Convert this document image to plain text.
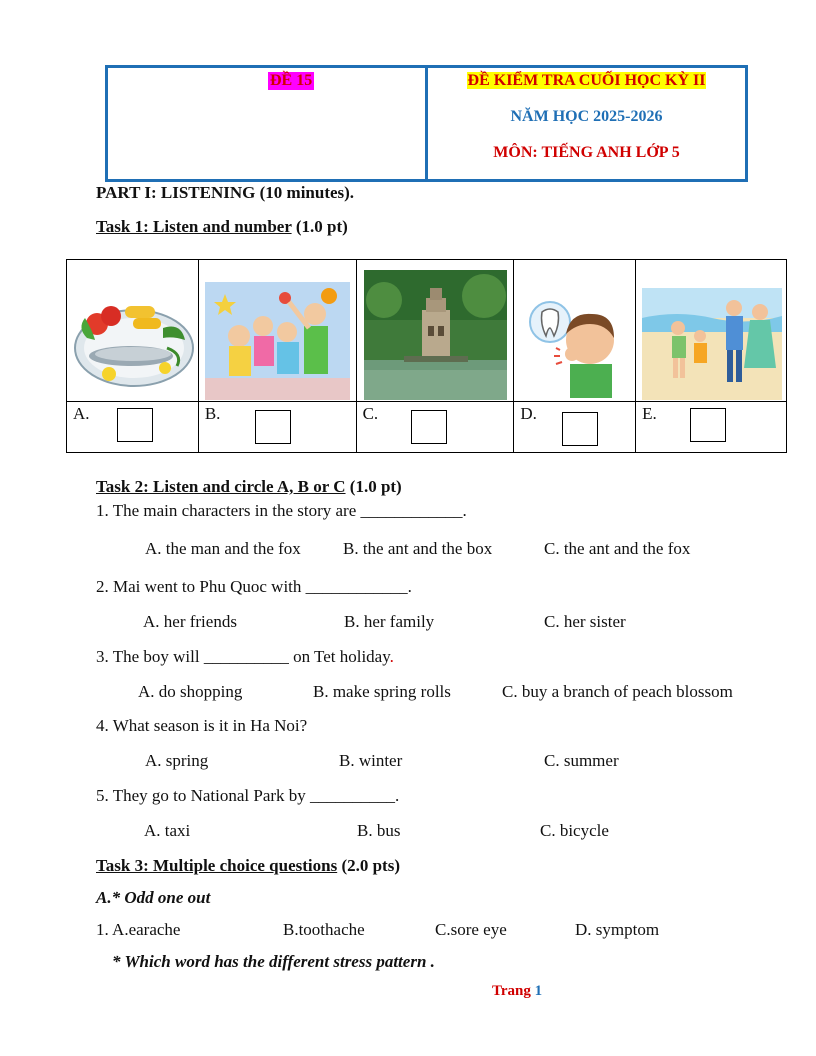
ĐỀ 15	ĐỀ KIỂM TRA CUỐI HỌC KỲ II
NĂM HỌC 2025-2026
MÔN: TIẾNG ANH LỚP 5
PART I: LISTENING (10 minutes).
Task 1: Listen and number (1.0 pt)

A.	B.	C.	D.	E.
Task 2: Listen and circle A, B or C (1.0 pt)
1. The main characters in the story are ____________.
A. the man and the fox B. the ant and the box	C. the ant and the fox
2. Mai went to Phu Quoc with ____________.
A. her friends	B. her family	C. her sister
3. The boy will __________ on Tet holiday.
A. do shopping	B. make spring rolls	C. buy a branch of peach blossom
4. What season is it in Ha Noi?
A. spring	B. winter	C. summer
5. They go to National Park by __________.
A. taxi	B. bus	C. bicycle
Task 3: Multiple choice questions (2.0 pts)
A.* Odd one out
1. A.earache	B.toothache	C.sore eye	D. symptom
* Which word has the different stress pattern .
Trang 1
